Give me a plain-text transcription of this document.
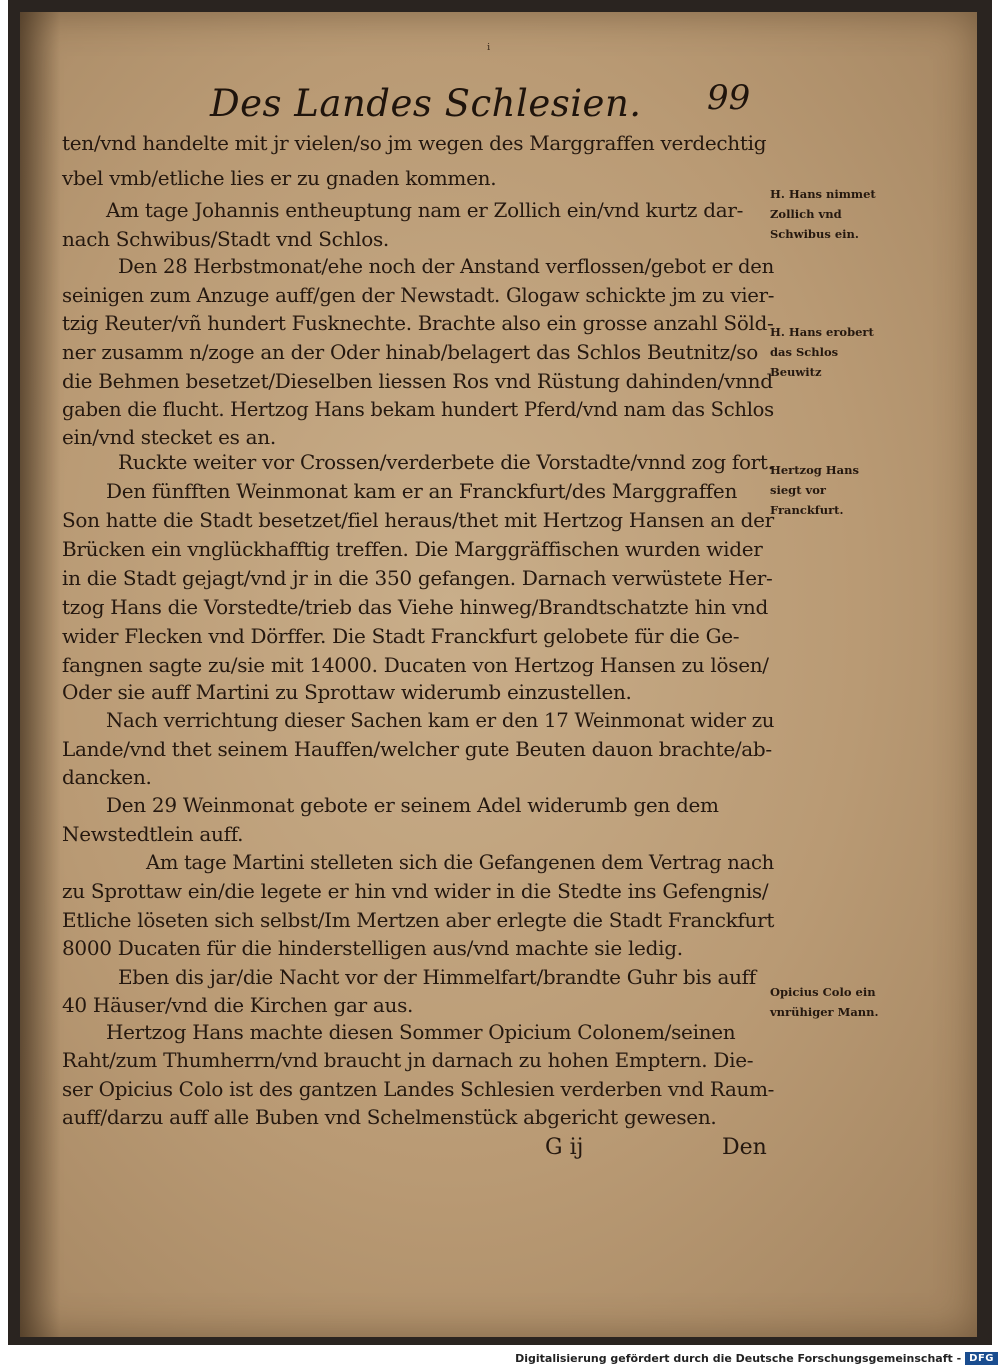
ⁱ
Des Landes Schlesien. 99
ten/vnd handelte mit jr vielen/so jm wegen des Marggraffen verdechtig
vbel vmb/etliche lies er zu gnaden kommen.
Am tage Johannis entheuptung nam er Zollich ein/vnd kurtz dar-
nach Schwibus/Stadt vnd Schlos.
Den 28 Herbstmonat/ehe noch der Anstand verflossen/gebot er den
seinigen zum Anzuge auff/gen der Newstadt. Glogaw schickte jm zu vier-
tzig Reuter/vñ hundert Fusknechte. Brachte also ein grosse anzahl Söld-
ner zusamm n/zoge an der Oder hinab/belagert das Schlos Beutnitz/so
die Behmen besetzet/Dieselben liessen Ros vnd Rüstung dahinden/vnnd
gaben die flucht. Hertzog Hans bekam hundert Pferd/vnd nam das Schlos
ein/vnd stecket es an.
Ruckte weiter vor Crossen/verderbete die Vorstadte/vnnd zog fort.
Den fünfften Weinmonat kam er an Franckfurt/des Marggraffen
Son hatte die Stadt besetzet/fiel heraus/thet mit Hertzog Hansen an der
Brücken ein vnglückhafftig treffen. Die Marggräffischen wurden wider
in die Stadt gejagt/vnd jr in die 350 gefangen. Darnach verwüstete Her-
tzog Hans die Vorstedte/trieb das Viehe hinweg/Brandtschatzte hin vnd
wider Flecken vnd Dörffer. Die Stadt Franckfurt gelobete für die Ge-
fangnen sagte zu/sie mit 14000. Ducaten von Hertzog Hansen zu lösen/
Oder sie auff Martini zu Sprottaw widerumb einzustellen.
Nach verrichtung dieser Sachen kam er den 17 Weinmonat wider zu
Lande/vnd thet seinem Hauffen/welcher gute Beuten dauon brachte/ab-
dancken.
Den 29 Weinmonat gebote er seinem Adel widerumb gen dem
Newstedtlein auff.
Am tage Martini stelleten sich die Gefangenen dem Vertrag nach
zu Sprottaw ein/die legete er hin vnd wider in die Stedte ins Gefengnis/
Etliche löseten sich selbst/Im Mertzen aber erlegte die Stadt Franckfurt
8000 Ducaten für die hinderstelligen aus/vnd machte sie ledig.
Eben dis jar/die Nacht vor der Himmelfart/brandte Guhr bis auff
40 Häuser/vnd die Kirchen gar aus.
Hertzog Hans machte diesen Sommer Opicium Colonem/seinen
Raht/zum Thumherrn/vnd braucht jn darnach zu hohen Emptern. Die-
ser Opicius Colo ist des gantzen Landes Schlesien verderben vnd Raum-
auff/darzu auff alle Buben vnd Schelmenstück abgericht gewesen.
H. Hans nimmet Zollich vnd Schwibus ein.
H. Hans erobert das Schlos Beuwitz
Hertzog Hans siegt vor Franckfurt.
Opicius Colo ein vnrühiger Mann.
G ij	Den
Digitalisierung gefördert durch die Deutsche Forschungsgemeinschaft - DFG
